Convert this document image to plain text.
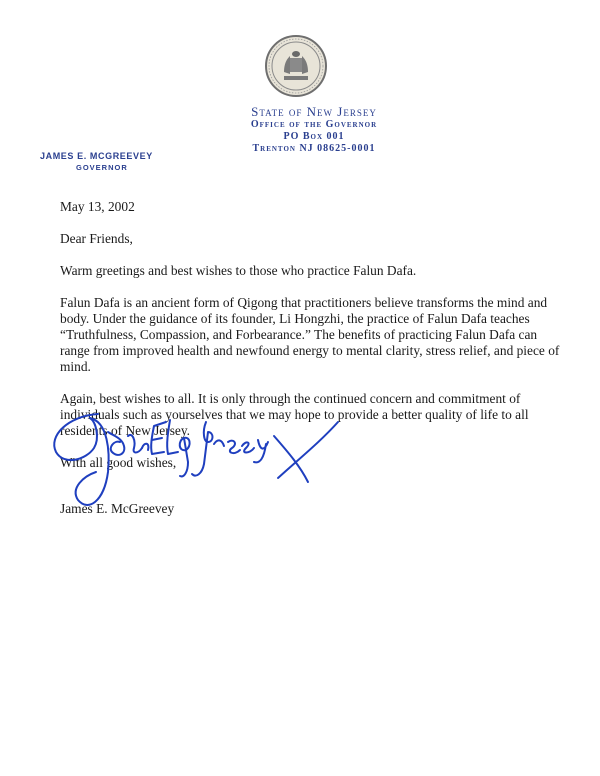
State of New Jersey
Office of the Governor
PO Box 001
Trenton NJ 08625-0001
JAMES E. MCGREEVEY
GOVERNOR

May 13, 2002

Dear Friends,

Warm greetings and best wishes to those who practice Falun Dafa.

Falun Dafa is an ancient form of Qigong that practitioners believe transforms the mind and body. Under the guidance of its founder, Li Hongzhi, the practice of Falun Dafa teaches “Truthfulness, Compassion, and Forbearance.” The benefits of practicing Falun Dafa can range from improved health and newfound energy to mental clarity, stress relief, and piece of mind.

Again, best wishes to all. It is only through the continued concern and commitment of individuals such as yourselves that we may hope to provide a better quality of life to all residents of New Jersey.

With all good wishes,

James E. McGreevey
